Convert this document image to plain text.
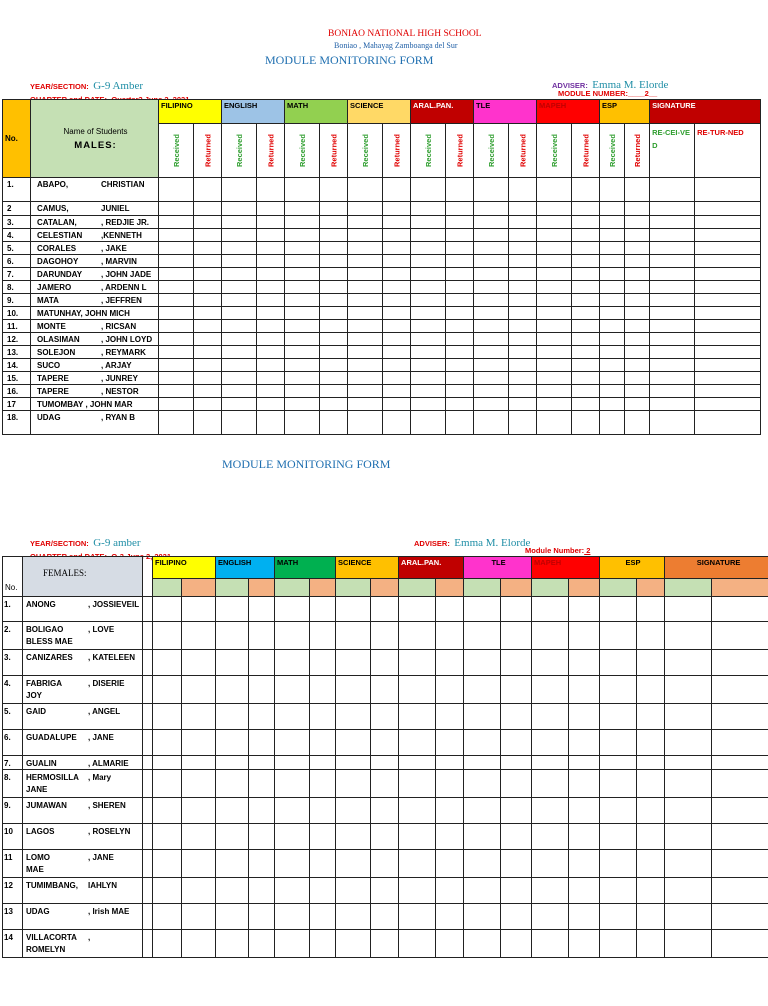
BONIAO NATIONAL HIGH SCHOOL
Boniao , Mahayag Zamboanga del Sur
MODULE MONITORING FORM
YEAR/SECTION: G-9 Amber	ADVISER: Emma M. Elorde
MODULE NUMBER:____2__
No.	Name of Students
MALES:	FILIPINO		ENGLISH		MATH		SCIENCE		ARAL.PAN.		TLE		MAPEH		ESP		SIGNATURE	
		Received	Returned	Received	Returned	Received	Returned	Received	Returned	Received	Returned	Received	Returned	Received	Returned	Received	Returned	RE-CEI-VED	RE-TUR-NED
1.	ABAPO, CHRISTIAN																		
2	CAMUS, JUNIEL																		
3.	CATALAN, , REDJIE JR.																		
4.	CELESTIAN ,KENNETH																		
5.	CORALES , JAKE																		
6.	DAGOHOY , MARVIN																		
7.	DARUNDAY , JOHN JADE																		
8.	JAMERO , ARDENN L																		
9.	MATA , JEFFREN																		
10.	MATUNHAY, JOHN MICH																		
11.	MONTE , RICSAN																		
12.	OLASIMAN , JOHN LOYD																		
13.	SOLEJON , REYMARK																		
14.	SUCO , ARJAY																		
15.	TAPERE , JUNREY																		
16.	TAPERE , NESTOR																		
17	TUMOMBAY , JOHN MAR																		
18.	UDAG , RYAN B																		
MODULE MONITORING FORM
YEAR/SECTION: G-9 amber
2,
ADVISER: Emma M. Elorde
Module Number: 2
No.	FEMALES:		FILIPINO		ENGLISH		MATH		SCIENCE		ARAL.PAN.		TLE		MAPEH		ESP		SIGNATURE	

1.	ANONG , JOSSIEVEIL																			

2.	BOLIGAO , LOVE
BLESS MAE																			

3.	CANIZARES , KATELEEN																			

4.	FABRIGA , DISERIE
JOY																			

5.	GAID , ANGEL																			

6.	GUADALUPE , JANE																			

7.	GUALIN , ALMARIE																			

8.	HERMOSILLA , Mary
JANE																			

9.	JUMAWAN , SHEREN																			

10	LAGOS , ROSELYN																			

11	LOMO , JANE
MAE																			

12	TUMIMBANG, IAHLYN																			

13	UDAG , Irish MAE																			

14	VILLACORTA ,
ROMELYN																			
